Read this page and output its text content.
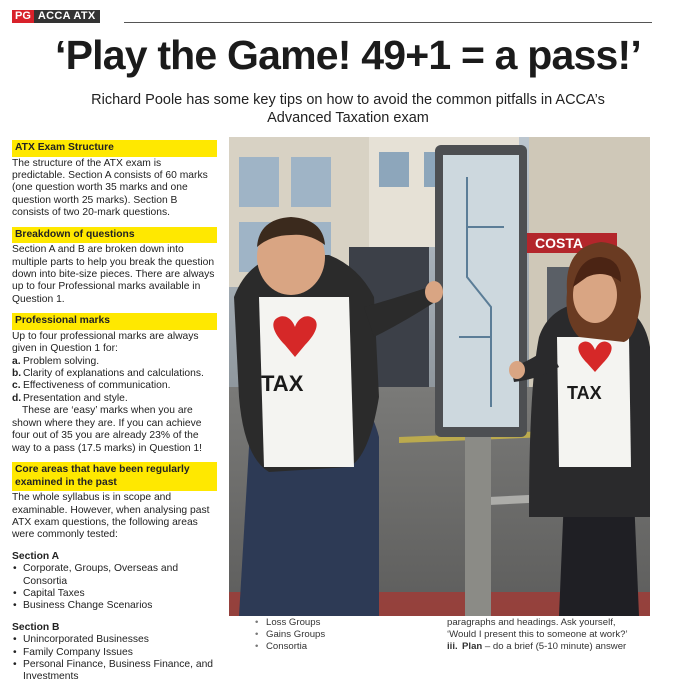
PG ACCA ATX
‘Play the Game! 49+1 = a pass!’
Richard Poole has some key tips on how to avoid the common pitfalls in ACCA’s
Advanced Taxation exam
ATX Exam Structure
The structure of the ATX exam is predictable. Section A consists of 60 marks (one question worth 35 marks and one question worth 25 marks). Section B consists of two 20-mark questions.
Breakdown of questions
Section A and B are broken down into multiple parts to help you break the question down into bite-size pieces. There are always up to four Professional marks available in Question 1.
Professional marks
Up to four professional marks are always given in Question 1 for:
a. Problem solving.
b. Clarity of explanations and calculations.
c. Effectiveness of communication.
d. Presentation and style.
These are ‘easy’ marks when you are shown where they are. If you can achieve four out of 35 you are already 23% of the way to a pass (17.5 marks) in Question 1!
Core areas that have been regularly
examined in the past
The whole syllabus is in scope and examinable. However, when analysing past ATX exam questions, the following areas were commonly tested:
Section A
• Corporate, Groups, Overseas and Consortia
• Capital Taxes
• Business Change Scenarios
Section B
• Unincorporated Businesses
• Family Company Issues
• Personal Finance, Business Finance, and Investments
COSTA
TAX	TAX
• Loss Groups
• Gains Groups
• Consortia
paragraphs and headings. Ask yourself,
‘Would I present this to someone at work?’
iii. Plan – do a brief (5-10 minute) answer
